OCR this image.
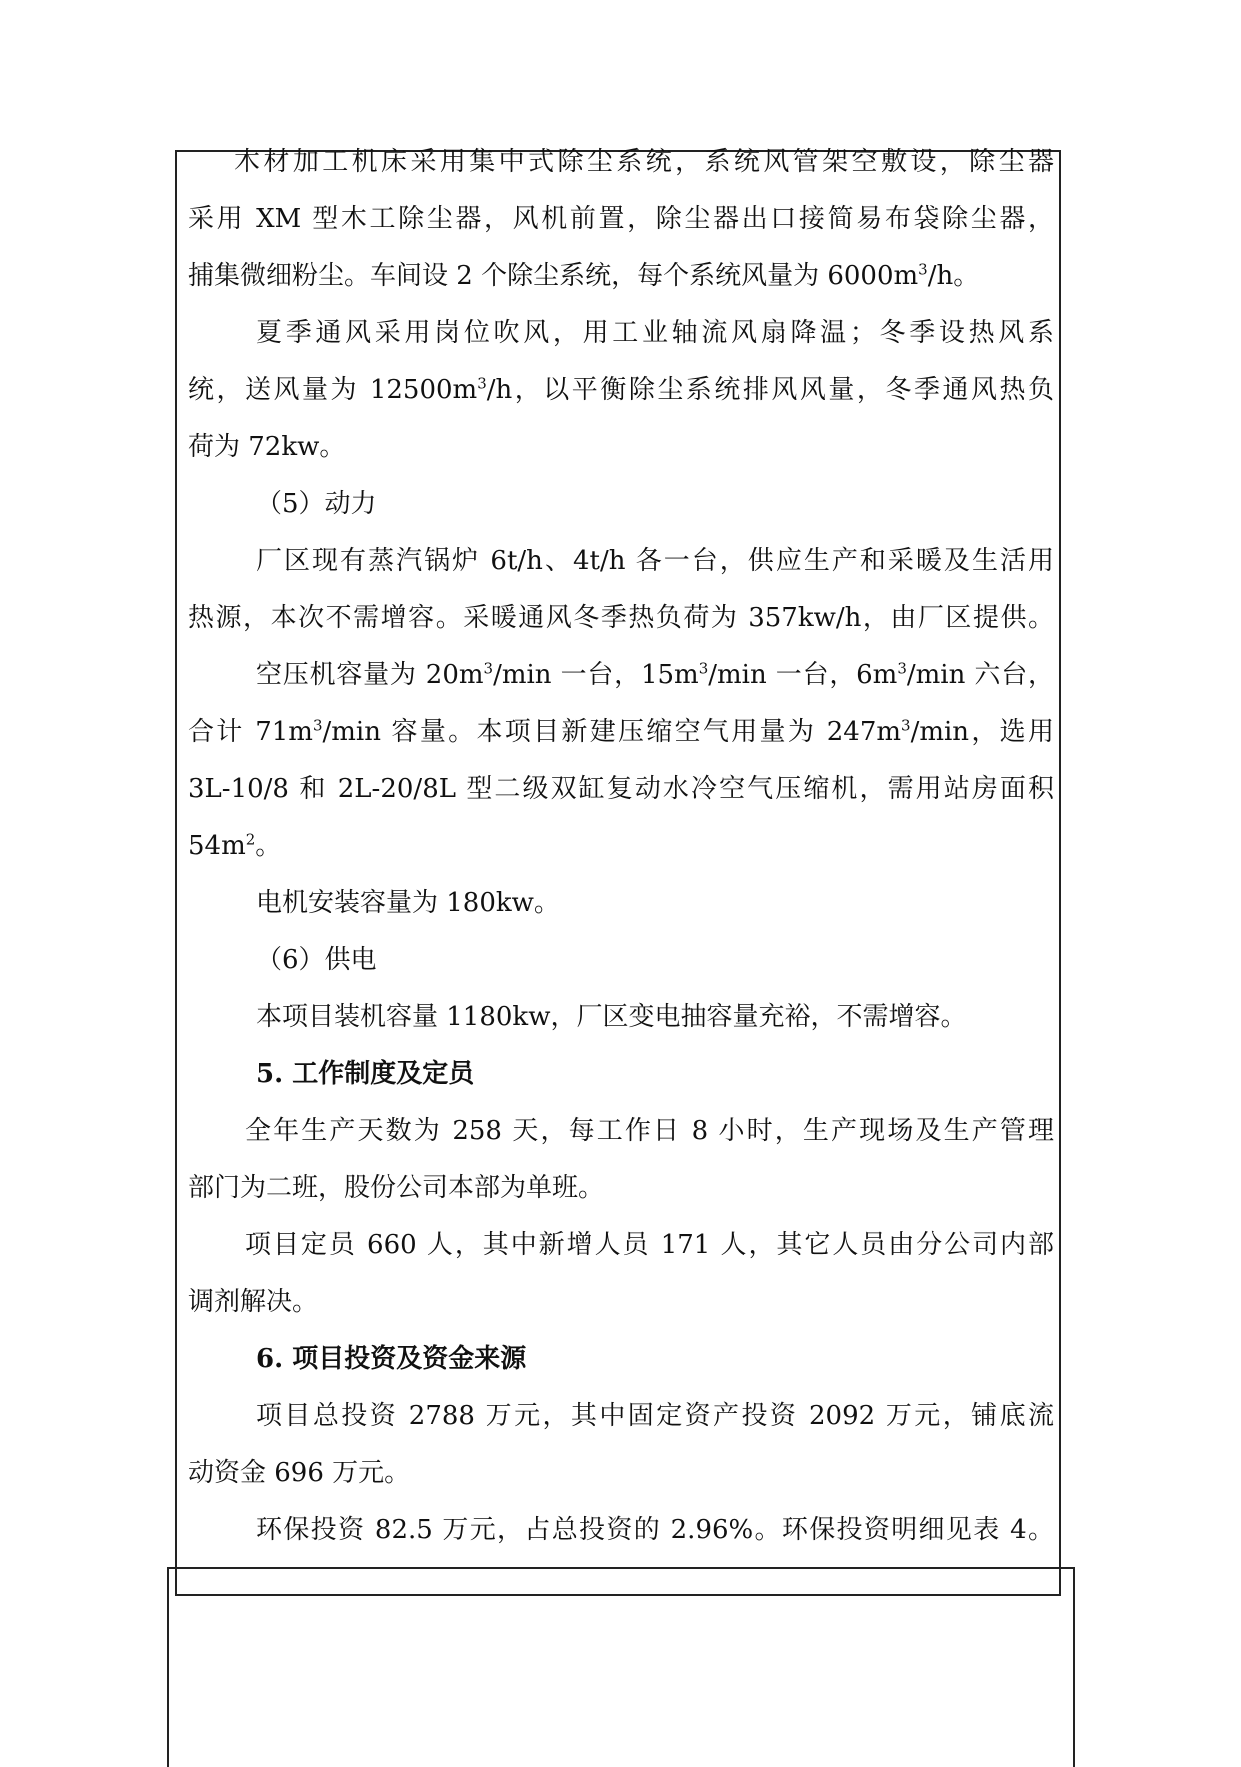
木材加工机床采用集中式除尘系统，系统风管架空敷设，除尘器
采用 XM 型木工除尘器，风机前置，除尘器出口接简易布袋除尘器，
捕集微细粉尘。车间设 2 个除尘系统，每个系统风量为 $6000m^3/h$。
夏季通风采用岗位吹风，用工业轴流风扇降温；冬季设热风系
统，送风量为 $12500m^3/h$，以平衡除尘系统排风风量，冬季通风热负
荷为 72kw。
（5）动力
厂区现有蒸汽锅炉 6t/h、4t/h 各一台，供应生产和采暖及生活用
热源，本次不需增容。采暖通风冬季热负荷为 357kw/h，由厂区提供。
空压机容量为 $20m^3/\min$ 一台，$15m^3/\min$ 一台，$6m^3/\min$ 六台，
合计 $71m^3/\min$ 容量。本项目新建压缩空气用量为 $247m^3/\min$，选用
3L-10/8 和 2L-20/8L 型二级双缸复动水冷空气压缩机，需用站房面积
$54m^2$。
电机安装容量为 180kw。
（6）供电
本项目装机容量 1180kw，厂区变电抽容量充裕，不需增容。
5. 工作制度及定员
全年生产天数为 258 天，每工作日 8 小时，生产现场及生产管理
部门为二班，股份公司本部为单班。
项目定员 660 人，其中新增人员 171 人，其它人员由分公司内部
调剂解决。
6. 项目投资及资金来源
项目总投资 2788 万元，其中固定资产投资 2092 万元，铺底流
动资金 696 万元。
环保投资 82.5 万元，占总投资的 2.96%。环保投资明细见表 4。
